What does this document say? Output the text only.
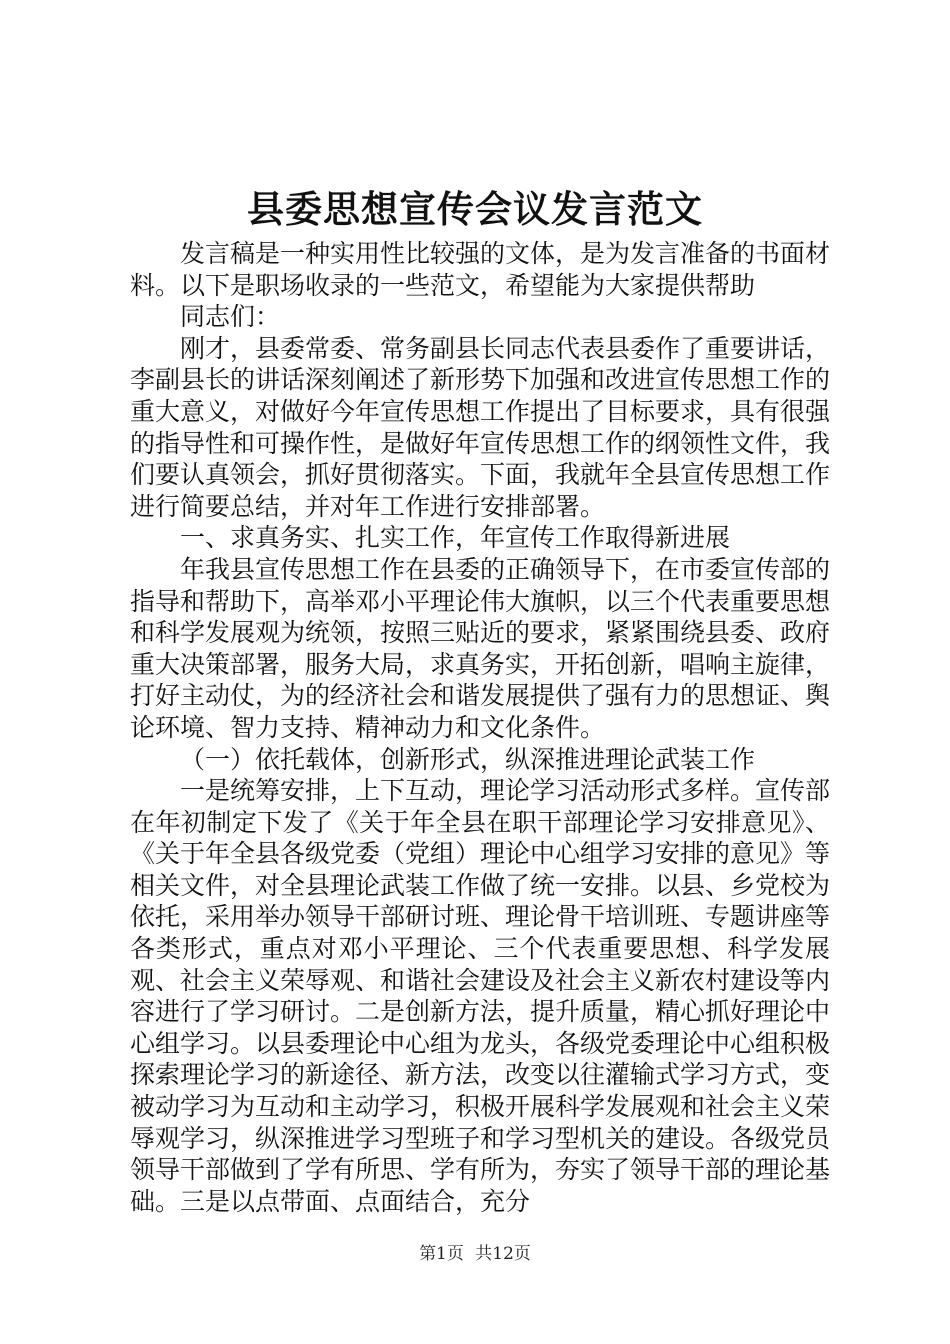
县委思想宣传会议发言范文

发言稿是一种实用性比较强的文体，是为发言准备的书面材料。以下是职场收录的一些范文，希望能为大家提供帮助

同志们：

刚才，县委常委、常务副县长同志代表县委作了重要讲话，李副县长的讲话深刻阐述了新形势下加强和改进宣传思想工作的重大意义，对做好今年宣传思想工作提出了目标要求，具有很强的指导性和可操作性，是做好年宣传思想工作的纲领性文件，我们要认真领会，抓好贯彻落实。下面，我就年全县宣传思想工作进行简要总结，并对年工作进行安排部署。

一、求真务实、扎实工作，年宣传工作取得新进展

年我县宣传思想工作在县委的正确领导下，在市委宣传部的指导和帮助下，高举邓小平理论伟大旗帜，以三个代表重要思想和科学发展观为统领，按照三贴近的要求，紧紧围绕县委、政府重大决策部署，服务大局，求真务实，开拓创新，唱响主旋律，打好主动仗，为的经济社会和谐发展提供了强有力的思想证、舆论环境、智力支持、精神动力和文化条件。

（一）依托载体，创新形式，纵深推进理论武装工作

一是统筹安排，上下互动，理论学习活动形式多样。宣传部在年初制定下发了《关于年全县在职干部理论学习安排意见》、《关于年全县各级党委（党组）理论中心组学习安排的意见》等相关文件，对全县理论武装工作做了统一安排。以县、乡党校为依托，采用举办领导干部研讨班、理论骨干培训班、专题讲座等各类形式，重点对邓小平理论、三个代表重要思想、科学发展观、社会主义荣辱观、和谐社会建设及社会主义新农村建设等内容进行了学习研讨。二是创新方法，提升质量，精心抓好理论中心组学习。以县委理论中心组为龙头，各级党委理论中心组积极探索理论学习的新途径、新方法，改变以往灌输式学习方式，变被动学习为互动和主动学习，积极开展科学发展观和社会主义荣辱观学习，纵深推进学习型班子和学习型机关的建设。各级党员领导干部做到了学有所思、学有所为，夯实了领导干部的理论基础。三是以点带面、点面结合，充分

第1页 共12页
